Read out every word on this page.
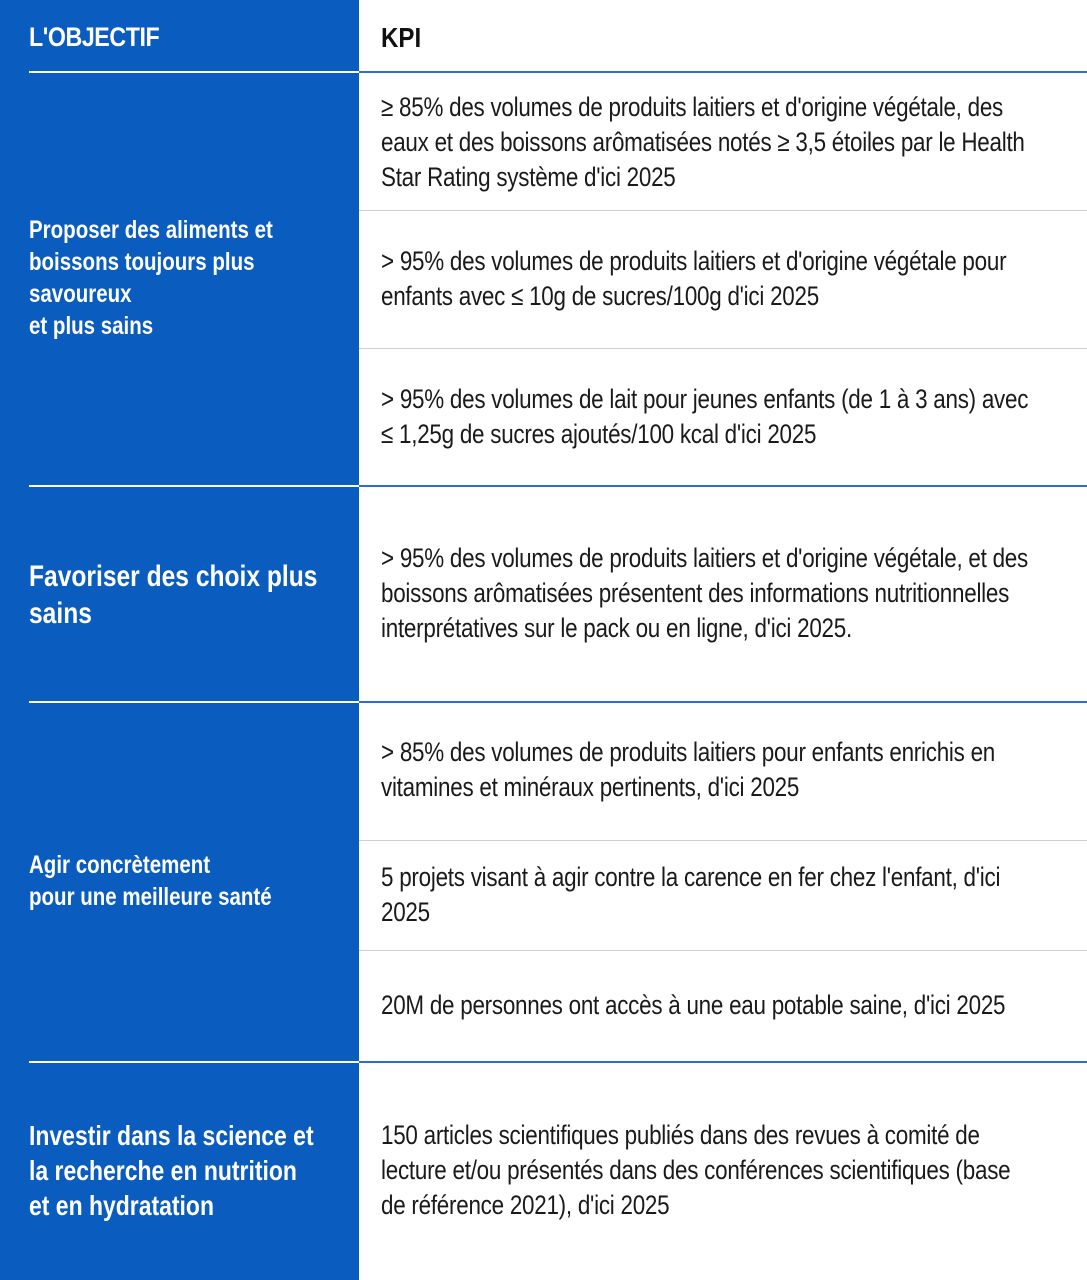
L'OBJECTIF	KPI
Proposer des aliments et
boissons toujours plus
savoureux
et plus sains
≥ 85% des volumes de produits laitiers et d'origine végétale, des eaux et des boissons arômatisées notés ≥ 3,5 étoiles par le Health Star Rating système d'ici 2025
> 95% des volumes de produits laitiers et d'origine végétale pour enfants avec ≤ 10g de sucres/100g d'ici 2025
> 95% des volumes de lait pour jeunes enfants (de 1 à 3 ans) avec ≤ 1,25g de sucres ajoutés/100 kcal d'ici 2025
Favoriser des choix plus
sains
> 95% des volumes de produits laitiers et d'origine végétale, et des boissons arômatisées présentent des informations nutritionnelles interprétatives sur le pack ou en ligne, d'ici 2025.
Agir concrètement
pour une meilleure santé
> 85% des volumes de produits laitiers pour enfants enrichis en vitamines et minéraux pertinents, d'ici 2025
5 projets visant à agir contre la carence en fer chez l'enfant, d'ici 2025
20M de personnes ont accès à une eau potable saine, d'ici 2025
Investir dans la science et
la recherche en nutrition
et en hydratation
150 articles scientifiques publiés dans des revues à comité de lecture et/ou présentés dans des conférences scientifiques (base de référence 2021), d'ici 2025
